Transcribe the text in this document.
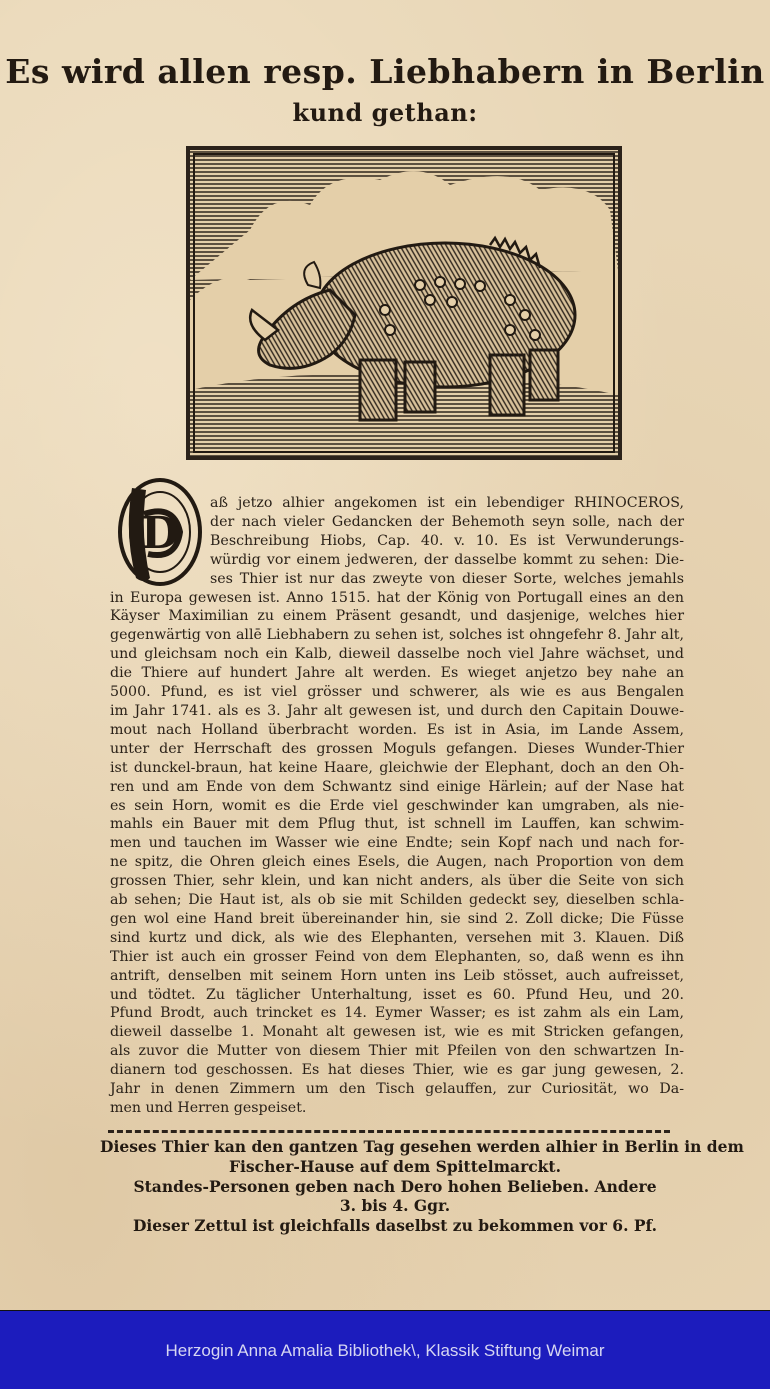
Es wird allen resp. Liebhabern in Berlin
kund gethan:
D
aß jetzo alhier angekomen ist ein lebendiger RHINOCEROS,
der nach vieler Gedancken der Behemoth seyn solle, nach der
Beschreibung Hiobs, Cap. 40. v. 10. Es ist Verwunderungs-
würdig vor einem jedweren, der dasselbe kommt zu sehen: Die-
ses Thier ist nur das zweyte von dieser Sorte, welches jemahls
in Europa gewesen ist. Anno 1515. hat der König von Portugall eines an den
Käyser Maximilian zu einem Präsent gesandt, und dasjenige, welches hier
gegenwärtig von allē Liebhabern zu sehen ist, solches ist ohngefehr 8. Jahr alt,
und gleichsam noch ein Kalb, dieweil dasselbe noch viel Jahre wächset, und
die Thiere auf hundert Jahre alt werden. Es wieget anjetzo bey nahe an
5000. Pfund, es ist viel grösser und schwerer, als wie es aus Bengalen
im Jahr 1741. als es 3. Jahr alt gewesen ist, und durch den Capitain Douwe-
mout nach Holland überbracht worden. Es ist in Asia, im Lande Assem,
unter der Herrschaft des grossen Moguls gefangen. Dieses Wunder-Thier
ist dunckel-braun, hat keine Haare, gleichwie der Elephant, doch an den Oh-
ren und am Ende von dem Schwantz sind einige Härlein; auf der Nase hat
es sein Horn, womit es die Erde viel geschwinder kan umgraben, als nie-
mahls ein Bauer mit dem Pflug thut, ist schnell im Lauffen, kan schwim-
men und tauchen im Wasser wie eine Endte; sein Kopf nach und nach for-
ne spitz, die Ohren gleich eines Esels, die Augen, nach Proportion von dem
grossen Thier, sehr klein, und kan nicht anders, als über die Seite von sich
ab sehen; Die Haut ist, als ob sie mit Schilden gedeckt sey, dieselben schla-
gen wol eine Hand breit übereinander hin, sie sind 2. Zoll dicke; Die Füsse
sind kurtz und dick, als wie des Elephanten, versehen mit 3. Klauen. Diß
Thier ist auch ein grosser Feind von dem Elephanten, so, daß wenn es ihn
antrift, denselben mit seinem Horn unten ins Leib stösset, auch aufreisset,
und tödtet. Zu täglicher Unterhaltung, isset es 60. Pfund Heu, und 20.
Pfund Brodt, auch trincket es 14. Eymer Wasser; es ist zahm als ein Lam,
dieweil dasselbe 1. Monaht alt gewesen ist, wie es mit Stricken gefangen,
als zuvor die Mutter von diesem Thier mit Pfeilen von den schwartzen In-
dianern tod geschossen. Es hat dieses Thier, wie es gar jung gewesen, 2.
Jahr in denen Zimmern um den Tisch gelauffen, zur Curiosität, wo Da-
men und Herren gespeiset.
Dieses Thier kan den gantzen Tag gesehen werden alhier in Berlin in dem
Fischer-Hause auf dem Spittelmarckt.
Standes-Personen geben nach Dero hohen Belieben. Andere
3. bis 4. Ggr.
Dieser Zettul ist gleichfalls daselbst zu bekommen vor 6. Pf.
Herzogin Anna Amalia Bibliothek\, Klassik Stiftung Weimar
